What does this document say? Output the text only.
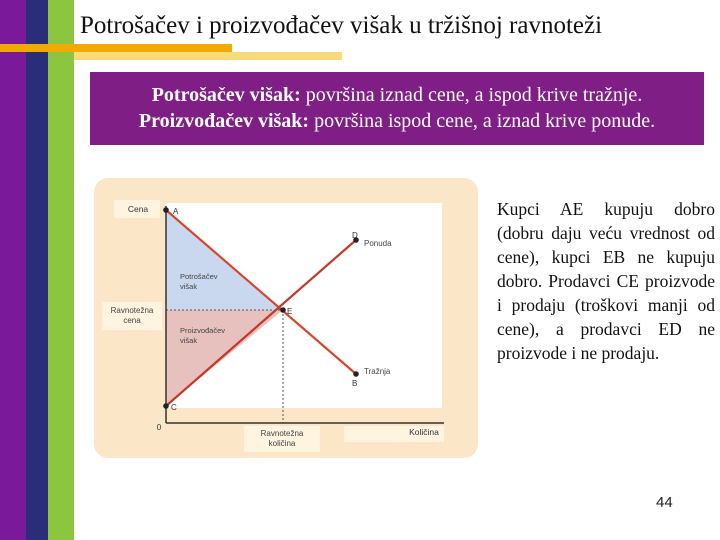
Potrošačev i proizvođačev višak u tržišnoj ravnoteži
Potrošačev višak: površina iznad cene, a ispod krive tražnje.
Proizvođačev višak: površina ispod cene, a iznad krive ponude.
A
B
C
D
E
Cena
Ravnotežna cena
0
Ravnotežna količina
Količina
Potrošačev višak
Proizvođačev višak
Ponuda
Tražnja
Kupci AE kupuju dobro (dobru daju veću vrednost od cene), kupci EB ne kupuju dobro. Prodavci CE proizvode i prodaju (troškovi manji od cene), a prodavci ED ne proizvode i ne prodaju.
44
